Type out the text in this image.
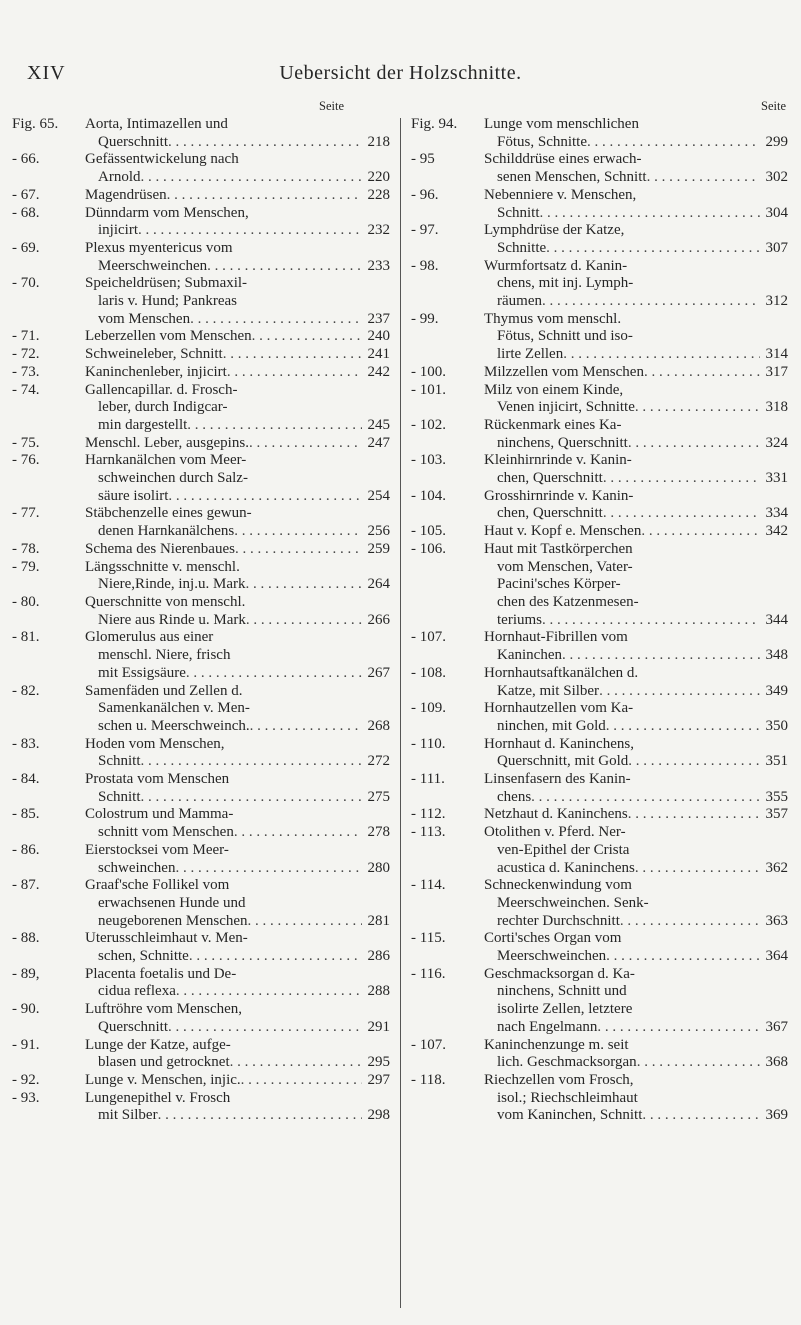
XIV	Uebersicht der Holzschnitte.
Seite
Fig. 65.	Aorta, Intimazellen und
Querschnitt . . .	218
- 66.	Gefässentwickelung nach
Arnold . . .	220
- 67.	Magendrüsen . . .	228
- 68.	Dünndarm vom Menschen,
injicirt . . .	232
- 69.	Plexus myentericus vom
Meerschweinchen . . .	233
- 70.	Speicheldrüsen; Submaxil-
laris v. Hund; Pankreas
vom Menschen . . .	237
- 71.	Leberzellen vom Menschen . . .	240
- 72.	Schweineleber, Schnitt . . .	241
- 73.	Kaninchenleber, injicirt . . .	242
- 74.	Gallencapillar. d. Frosch-
leber, durch Indigcar-
min dargestellt . . .	245
- 75.	Menschl. Leber, ausgepins. . . .	247
- 76.	Harnkanälchen vom Meer-
schweinchen durch Salz-
säure isolirt . . .	254
- 77.	Stäbchenzelle eines gewun-
denen Harnkanälchens . . .	256
- 78.	Schema des Nierenbaues . . .	259
- 79.	Längsschnitte v. menschl.
Niere,Rinde, inj.u. Mark . . .	264
- 80.	Querschnitte von menschl.
Niere aus Rinde u. Mark . . .	266
- 81.	Glomerulus aus einer
menschl. Niere, frisch
mit Essigsäure . . .	267
- 82.	Samenfäden und Zellen d.
Samenkanälchen v. Men-
schen u. Meerschweinch. . . .	268
- 83.	Hoden vom Menschen,
Schnitt . . .	272
- 84.	Prostata vom Menschen
Schnitt . . .	275
- 85.	Colostrum und Mamma-
schnitt vom Menschen . . .	278
- 86.	Eierstocksei vom Meer-
schweinchen . . .	280
- 87.	Graaf'sche Follikel vom
erwachsenen Hunde und
neugeborenen Menschen . . .	281
- 88.	Uterusschleimhaut v. Men-
schen, Schnitte . . .	286
- 89,	Placenta foetalis und De-
cidua reflexa . . .	288
- 90.	Luftröhre vom Menschen,
Querschnitt . . .	291
- 91.	Lunge der Katze, aufge-
blasen und getrocknet . . .	295
- 92.	Lunge v. Menschen, injic. . . .	297
- 93.	Lungenepithel v. Frosch
mit Silber . . .	298
Seite
Fig. 94.	Lunge vom menschlichen
Fötus, Schnitte . . .	299
- 95	Schilddrüse eines erwach-
senen Menschen, Schnitt . . .	302
- 96.	Nebenniere v. Menschen,
Schnitt . . .	304
- 97.	Lymphdrüse der Katze,
Schnitte . . .	307
- 98.	Wurmfortsatz d. Kanin-
chens, mit inj. Lymph-
räumen . . .	312
- 99.	Thymus vom menschl.
Fötus, Schnitt und iso-
lirte Zellen . . .	314
- 100.	Milzzellen vom Menschen . . .	317
- 101.	Milz von einem Kinde,
Venen injicirt, Schnitte . . .	318
- 102.	Rückenmark eines Ka-
ninchens, Querschnitt . . .	324
- 103.	Kleinhirnrinde v. Kanin-
chen, Querschnitt . . .	331
- 104.	Grosshirnrinde v. Kanin-
chen, Querschnitt . . .	334
- 105.	Haut v. Kopf e. Menschen . . .	342
- 106.	Haut mit Tastkörperchen
vom Menschen, Vater-
Pacini'sches Körper-
chen des Katzenmesen-
teriums . . .	344
- 107.	Hornhaut-Fibrillen vom
Kaninchen . . .	348
- 108.	Hornhautsaftkanälchen d.
Katze, mit Silber . . .	349
- 109.	Hornhautzellen vom Ka-
ninchen, mit Gold . . .	350
- 110.	Hornhaut d. Kaninchens,
Querschnitt, mit Gold . . .	351
- 111.	Linsenfasern des Kanin-
chens . . .	355
- 112.	Netzhaut d. Kaninchens . . .	357
- 113.	Otolithen v. Pferd. Ner-
ven-Epithel der Crista
acustica d. Kaninchens . . .	362
- 114.	Schneckenwindung vom
Meerschweinchen. Senk-
rechter Durchschnitt . . .	363
- 115.	Corti'sches Organ vom
Meerschweinchen . . .	364
- 116.	Geschmacksorgan d. Ka-
ninchens, Schnitt und
isolirte Zellen, letztere
nach Engelmann . . .	367
- 107.	Kaninchenzunge m. seit
lich. Geschmacksorgan . . .	368
- 118.	Riechzellen vom Frosch,
isol.; Riechschleimhaut
vom Kaninchen, Schnitt . . .	369
